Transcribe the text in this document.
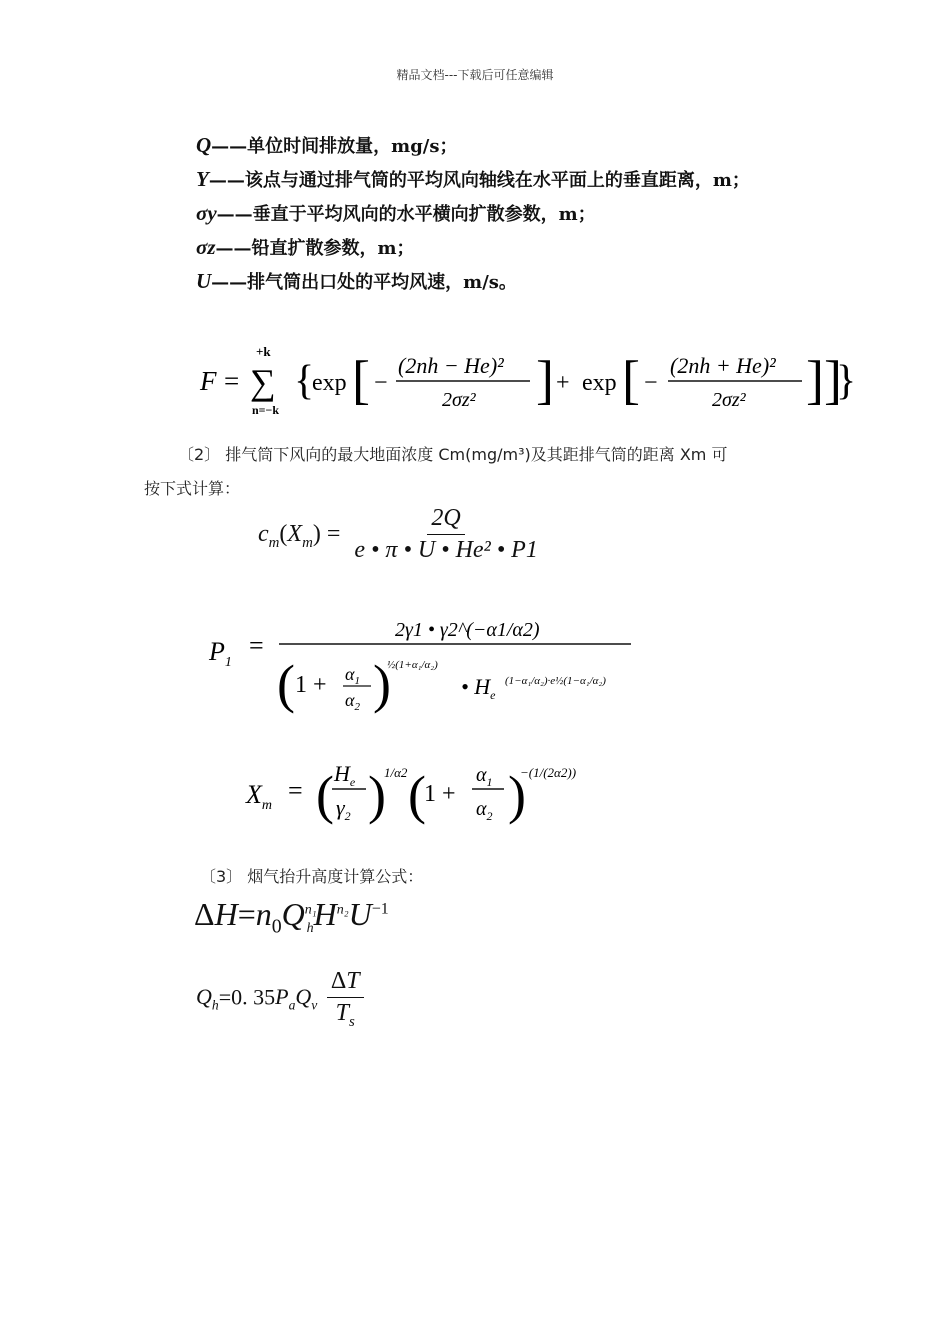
精品文档---下载后可任意编辑
Q——单位时间排放量，mg/s；
Y——该点与通过排气筒的平均风向轴线在水平面上的垂直距离，m；
σy——垂直于平均风向的水平横向扩散参数，m；
σz——铅直扩散参数，m；
U——排气筒出口处的平均风速，m/s。
F =
+k
∑
n=−k
{
exp [ −
(2nh − He)²
2σz² ] + exp [ −
(2nh + He)²
2σz² ]]
}
〔2〕 排气筒下风向的最大地面浓度 Cm(mg/m³)及其距排气筒的距离 Xm 可
按下式计算：
$c_m(X_m) = \frac{2Q}{\text{e • π • U • He² • P1}}$
$P_1$
=
2γ1 • γ2^(−α1/α2)
( $1 + \alpha_1$
$\alpha_2$ )
½(1+α₁/α₂)
• $H_e$
(1−α₁/α₂)·e½(1−α₁/α₂)
$X_m$
= ( $H_e$
$\gamma_2$ )
1/α2 (
1 +
$\alpha_1$
$\alpha_2$ )
−(1/(2α2))
〔3〕 烟气抬升高度计算公式：
$\Delta H=n_0Q^{n_1}_hH^{n_2}U^{-1}$
$Q_h=0$. $35P_aQ_v \frac{\Delta T}{T_s}$
